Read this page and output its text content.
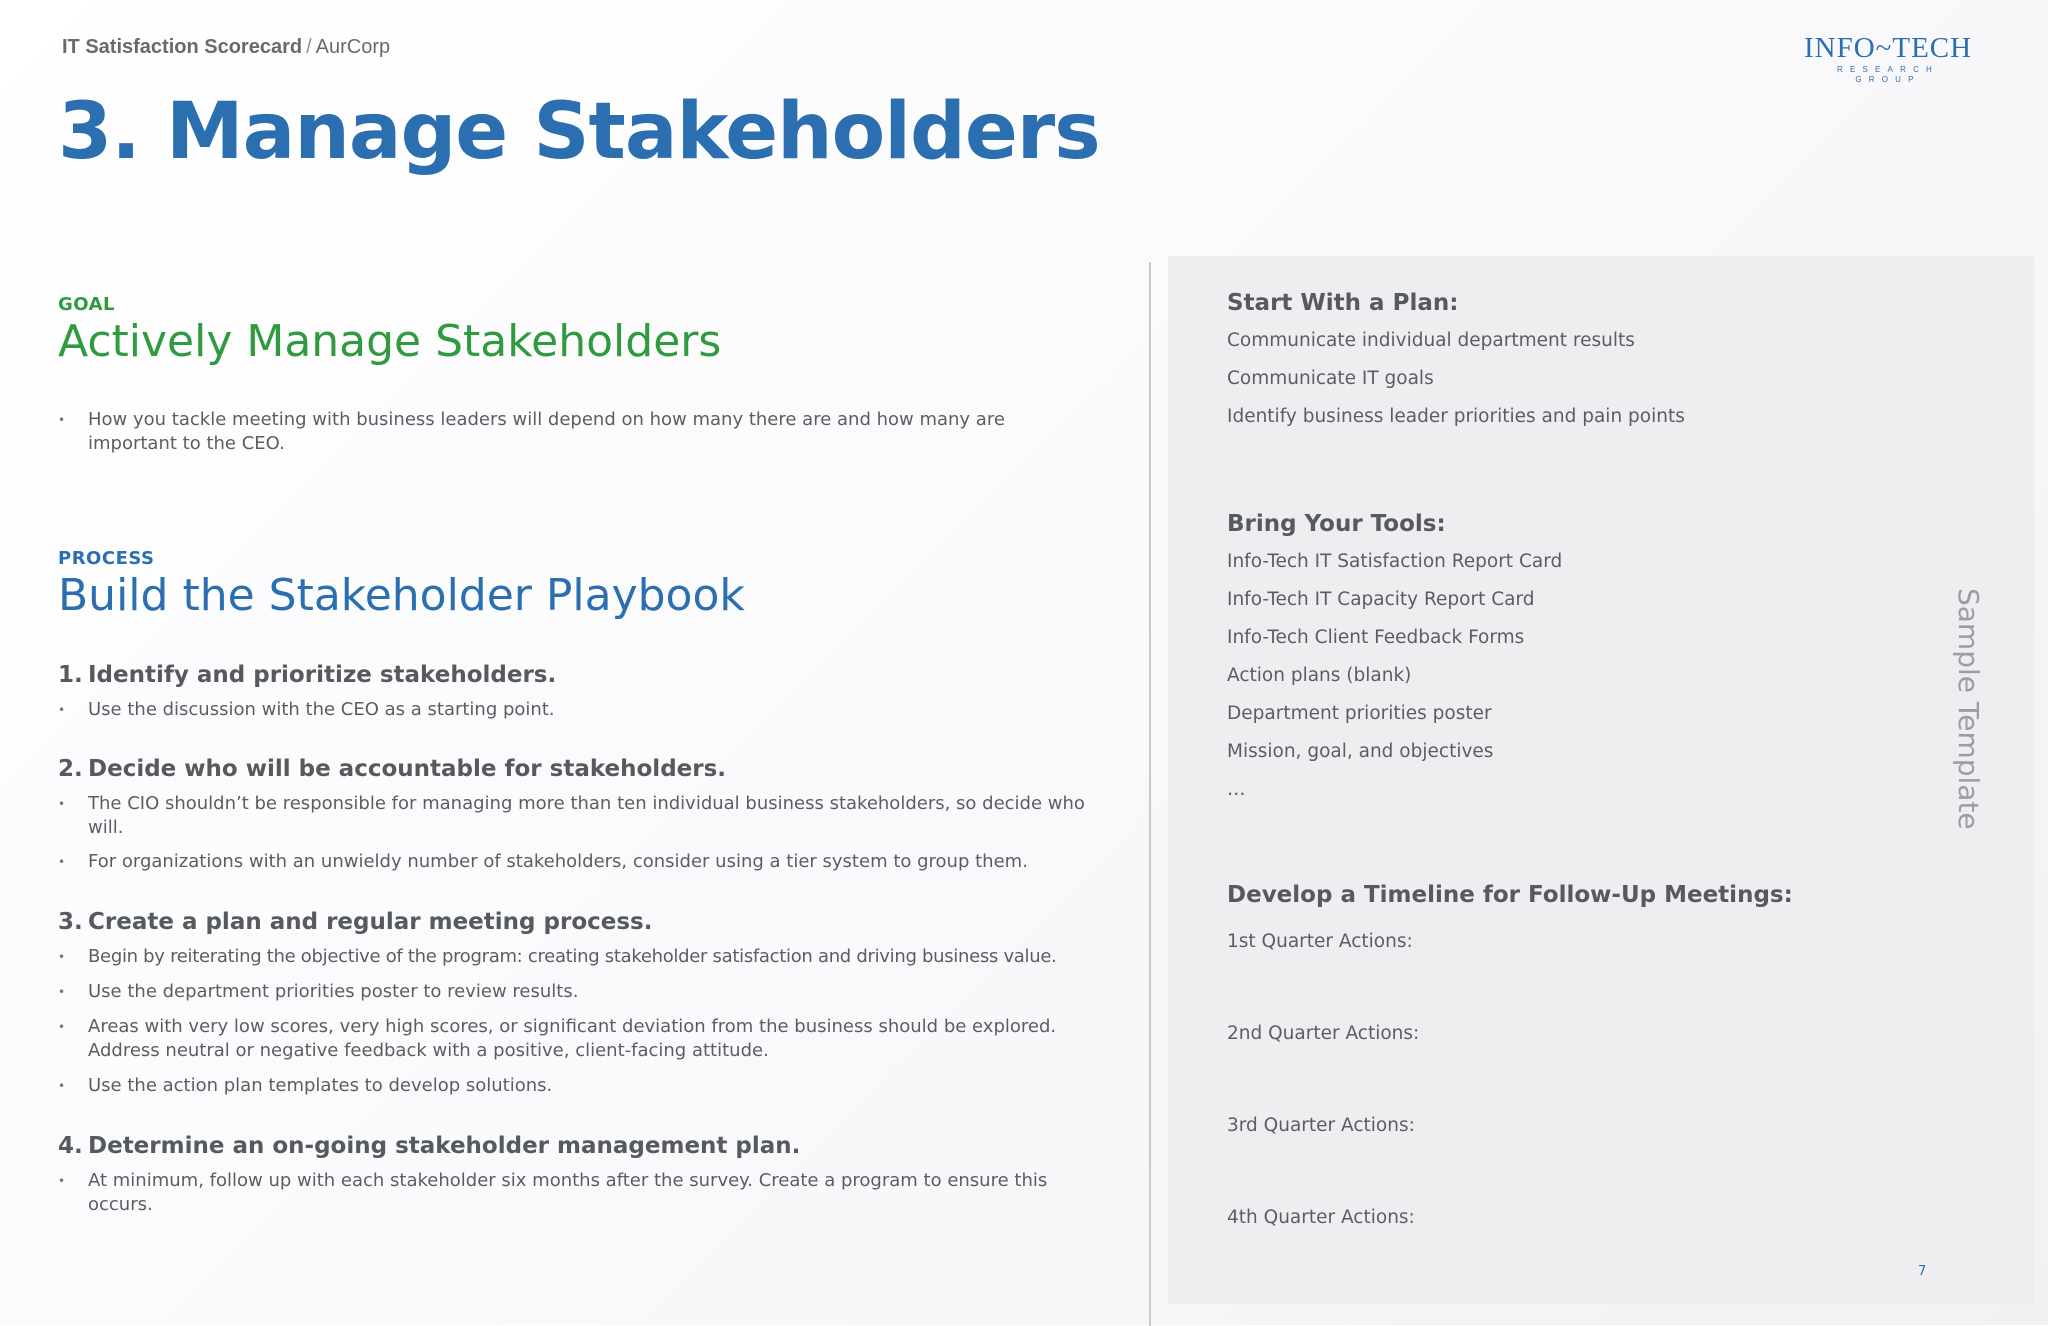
IT Satisfaction Scorecard / AurCorp	INFO~TECH
RESEARCH GROUP
3. Manage Stakeholders
GOAL
Actively Manage Stakeholders
• How you tackle meeting with business leaders will depend on how many there are and how many are important to the CEO.
PROCESS
Build the Stakeholder Playbook
1. Identify and prioritize stakeholders.
• Use the discussion with the CEO as a starting point.
2. Decide who will be accountable for stakeholders.
• The CIO shouldn’t be responsible for managing more than ten individual business stakeholders, so decide who will.
• For organizations with an unwieldy number of stakeholders, consider using a tier system to group them.
3. Create a plan and regular meeting process.
• Begin by reiterating the objective of the program: creating stakeholder satisfaction and driving business value.
• Use the department priorities poster to review results.
• Areas with very low scores, very high scores, or significant deviation from the business should be explored. Address neutral or negative feedback with a positive, client-facing attitude.
• Use the action plan templates to develop solutions.
4. Determine an on-going stakeholder management plan.
• At minimum, follow up with each stakeholder six months after the survey. Create a program to ensure this occurs.
Start With a Plan:
Communicate individual department results
Communicate IT goals
Identify business leader priorities and pain points
Bring Your Tools:
Info-Tech IT Satisfaction Report Card
Info-Tech IT Capacity Report Card
Info-Tech Client Feedback Forms
Action plans (blank)
Department priorities poster
Mission, goal, and objectives
…
Develop a Timeline for Follow-Up Meetings:
1st Quarter Actions:
2nd Quarter Actions:
3rd Quarter Actions:
4th Quarter Actions:
Sample Template
7
